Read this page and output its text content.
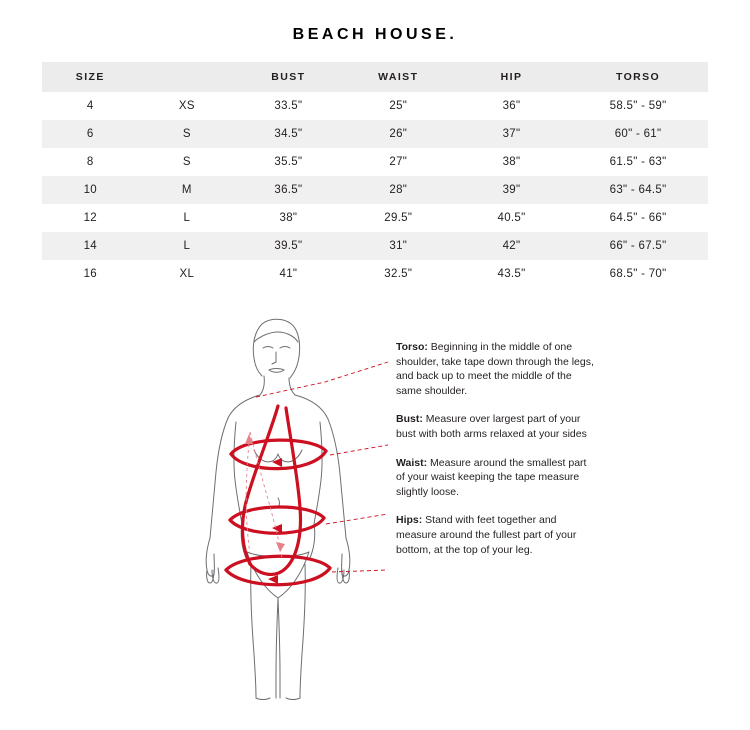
BEACH HOUSE.
SIZE		BUST	WAIST	HIP	TORSO
4	XS	33.5"	25"	36"	58.5" - 59"
6	S	34.5"	26"	37"	60" - 61"
8	S	35.5"	27"	38"	61.5" - 63"
10	M	36.5"	28"	39"	63" - 64.5"
12	L	38"	29.5"	40.5"	64.5" - 66"
14	L	39.5"	31"	42"	66" - 67.5"
16	XL	41"	32.5"	43.5"	68.5" - 70"
Torso: Beginning in the middle of one shoulder, take tape down through the legs, and back up to meet the middle of the same shoulder.
Bust: Measure over largest part of your bust with both arms relaxed at your sides
Waist: Measure around the smallest part of your waist keeping the tape measure slightly loose.
Hips: Stand with feet together and measure around the fullest part of your bottom, at the top of your leg.
